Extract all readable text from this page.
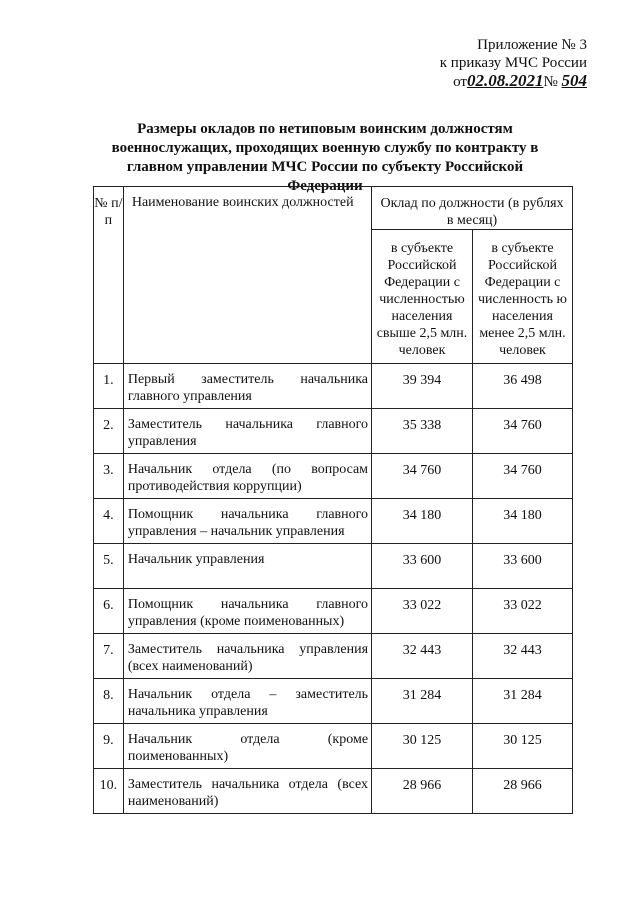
Приложение № 3
к приказу МЧС России
от02.08.2021№ 504
Размеры окладов по нетиповым воинским должностям военнослужащих, проходящих военную службу по контракту в главном управлении МЧС России по субъекту Российской Федерации
№ п/п	Наименование воинских должностей	Оклад по должности (в рублях в месяц)	
		в субъекте Российской Федерации с численностью населения свыше 2,5 млн. человек	в субъекте Российской Федерации с численность ю населения менее 2,5 млн. человек
1.	Первый заместитель начальника главного управления	39 394	36 498
2.	Заместитель начальника главного управления	35 338	34 760
3.	Начальник отдела (по вопросам противодействия коррупции)	34 760	34 760
4.	Помощник начальника главного управления – начальник управления	34 180	34 180
5.	Начальник управления	33 600	33 600
6.	Помощник начальника главного управления (кроме поименованных)	33 022	33 022
7.	Заместитель начальника управления (всех наименований)	32 443	32 443
8.	Начальник отдела – заместитель начальника управления	31 284	31 284
9.	Начальник отдела (кроме поименованных)	30 125	30 125
10.	Заместитель начальника отдела (всех наименований)	28 966	28 966
